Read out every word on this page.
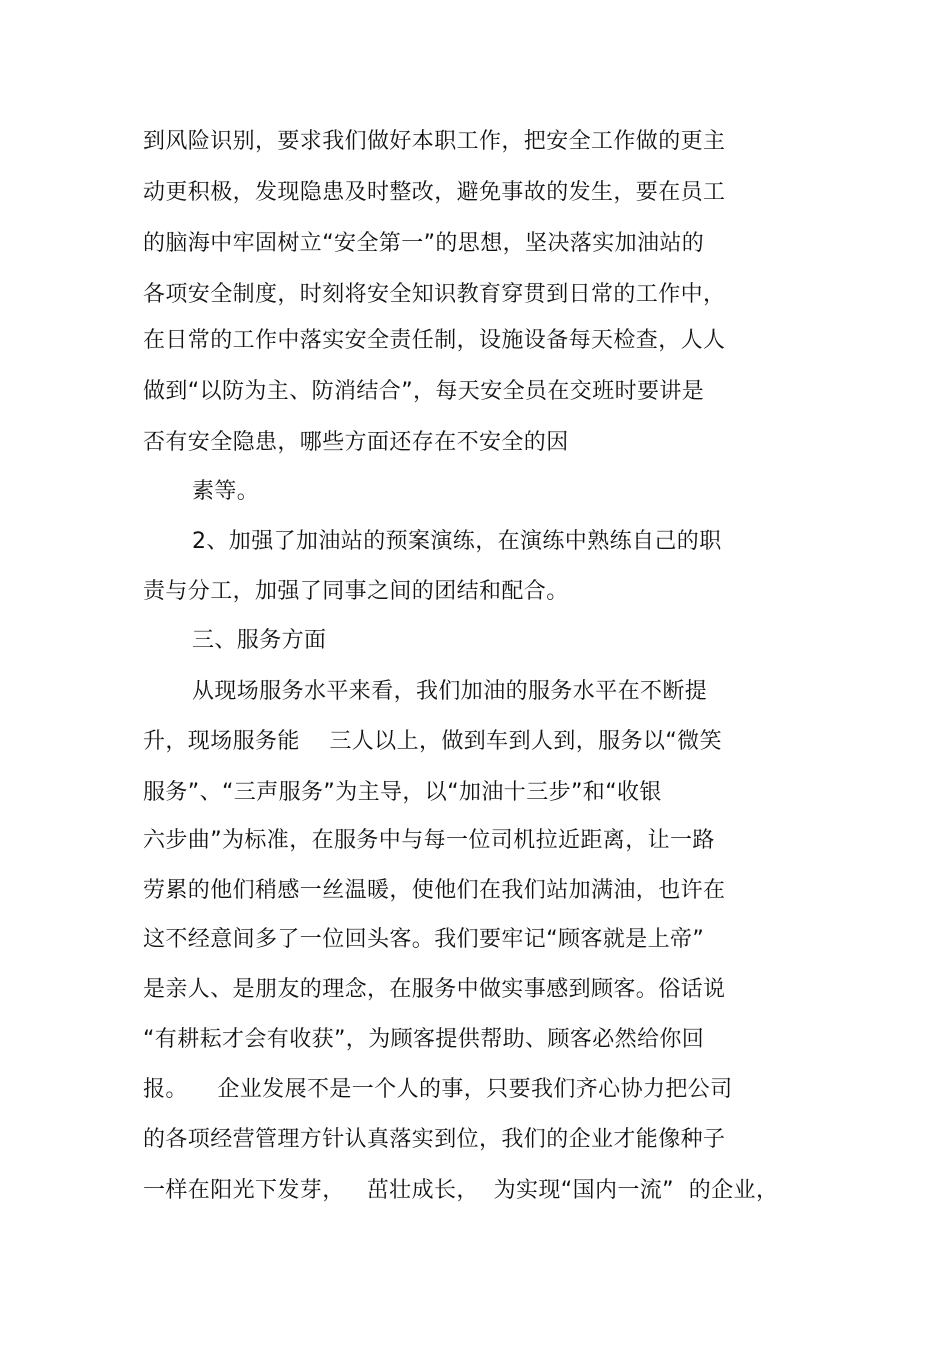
到风险识别，要求我们做好本职工作，把安全工作做的更主
动更积极，发现隐患及时整改，避免事故的发生，要在员工
的脑海中牢固树立“安全第一”的思想，坚决落实加油站的
各项安全制度，时刻将安全知识教育穿贯到日常的工作中，
在日常的工作中落实安全责任制，设施设备每天检查，人人
做到“以防为主、防消结合”，每天安全员在交班时要讲是
否有安全隐患，哪些方面还存在不安全的因
素等。
2、加强了加油站的预案演练，在演练中熟练自己的职
责与分工，加强了同事之间的团结和配合。
三、服务方面
从现场服务水平来看，我们加油的服务水平在不断提
升，现场服务能    三人以上，做到车到人到，服务以“微笑
服务”、“三声服务”为主导，以“加油十三步”和“收银
六步曲”为标准，在服务中与每一位司机拉近距离，让一路
劳累的他们稍感一丝温暖，使他们在我们站加满油，也许在
这不经意间多了一位回头客。我们要牢记“顾客就是上帝”
是亲人、是朋友的理念，在服务中做实事感到顾客。俗话说
“有耕耘才会有收获”，为顾客提供帮助、顾客必然给你回
报。    企业发展不是一个人的事，只要我们齐心协力把公司
的各项经营管理方针认真落实到位，我们的企业才能像种子
一样在阳光下发芽，   茁壮成长，  为实现“国内一流”  的企业，
